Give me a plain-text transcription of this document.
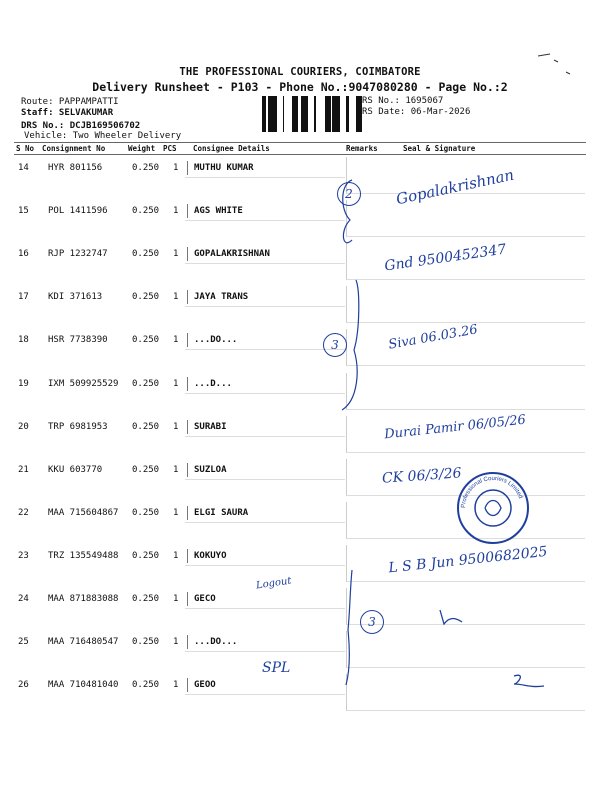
THE PROFESSIONAL COURIERS, COIMBATORE
Delivery Runsheet - P103 - Phone No.:9047080280 - Page No.:2
Route: PAPPAMPATTI
Staff: SELVAKUMAR
DRS No.: DCJB169506702
Vehicle: Two Wheeler Delivery
RS No.: 1695067
RS Date: 06-Mar-2026
S No Consignment No	Weight PCS Consignee Details	Remarks	Seal & Signature
14 HYR 801156	0.250 1 MUTHU KUMAR
15 POL 1411596	0.250 1 AGS WHITE
16 RJP 1232747	0.250 1 GOPALAKRISHNAN
17 KDI 371613	0.250 1 JAYA TRANS
18 HSR 7738390	0.250 1 ...DO...
19 IXM 509925529 0.250 1 ...D...
20 TRP 6981953	0.250 1 SURABI
21 KKU 603770	0.250 1 SUZLOA
22 MAA 715604867 0.250 1 ELGI SAURA
23 TRZ 135549488 0.250 1 KOKUYO
24 MAA 871883088 0.250 1 GECO
25 MAA 716480547 0.250 1 ...DO...
26 MAA 710481040 0.250 1 GEOO
2
3
3
Gopalakrishnan
Gnd 9500452347
Siva 06.03.26
Durai Pamir 06/05/26
CK 06/3/26
L S B Jun 9500682025
Logout
SPL
Professional Couriers Limited
